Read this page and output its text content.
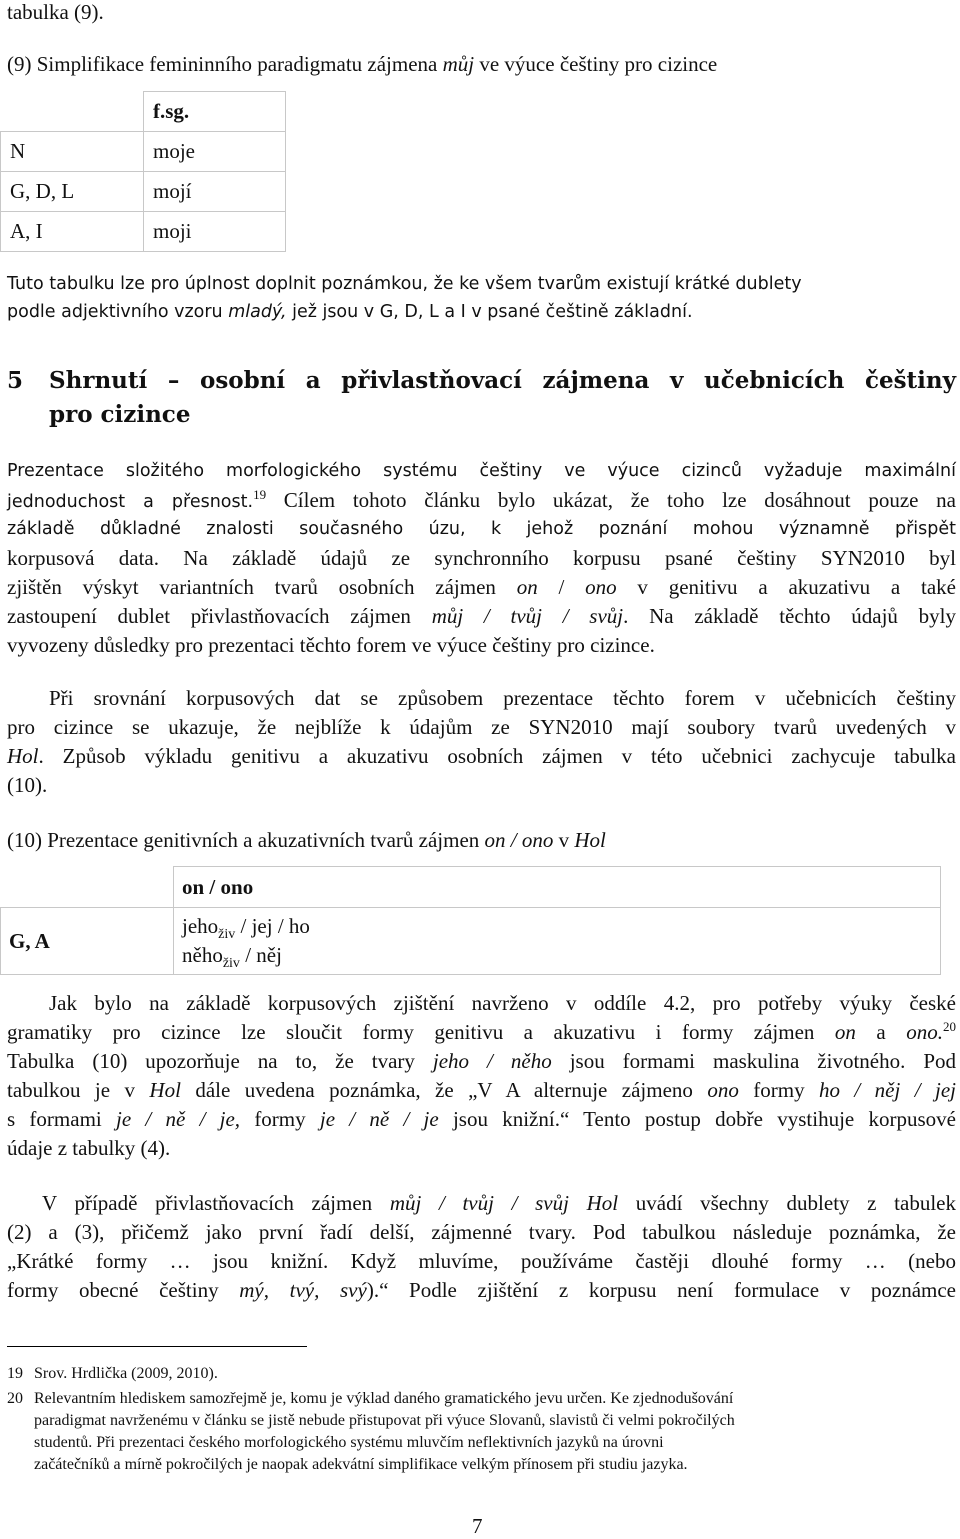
tabulka (9).
(9) Simplifikace femininního paradigmatu zájmena můj ve výuce češtiny pro cizince
	f.sg.
N	moje
G, D, L	mojí
A, I	moji
Tuto tabulku lze pro úplnost doplnit poznámkou, že ke všem tvarům existují krátké dublety
podle adjektivního vzoru mladý, jež jsou v G, D, L a I v psané češtině základní.
5 Shrnutí – osobní a přivlastňovací zájmena v učebnicích češtiny
pro cizince
Prezentace složitého morfologického systému češtiny ve výuce cizinců vyžaduje maximální
jednoduchost a přesnost.$^{19}$ Cílem tohoto článku bylo ukázat, že toho lze dosáhnout pouze na
základě důkladné znalosti současného úzu, k jehož poznání mohou významně přispět
korpusová data. Na základě údajů ze synchronního korpusu psané češtiny SYN2010 byl
zjištěn výskyt variantních tvarů osobních zájmen on / ono v genitivu a akuzativu a také
zastoupení dublet přivlastňovacích zájmen můj / tvůj / svůj. Na základě těchto údajů byly
vyvozeny důsledky pro prezentaci těchto forem ve výuce češtiny pro cizince.
Při srovnání korpusových dat se způsobem prezentace těchto forem v učebnicích češtiny
pro cizince se ukazuje, že nejblíže k údajům ze SYN2010 mají soubory tvarů uvedených v
Hol. Způsob výkladu genitivu a akuzativu osobních zájmen v této učebnici zachycuje tabulka
(10).
(10) Prezentace genitivních a akuzativních tvarů zájmen on / ono v Hol
	on / ono
G, A	jeho$_{živ}$ / jej / ho
něho$_{živ}$ / něj
Jak bylo na základě korpusových zjištění navrženo v oddíle 4.2, pro potřeby výuky české
gramatiky pro cizince lze sloučit formy genitivu a akuzativu i formy zájmen on a ono.$^{20}$
Tabulka (10) upozorňuje na to, že tvary jeho / něho jsou formami maskulina životného. Pod
tabulkou je v Hol dále uvedena poznámka, že „V A alternuje zájmeno ono formy ho / něj / jej
s formami je / ně / je, formy je / ně / je jsou knižní.“ Tento postup dobře vystihuje korpusové
údaje z tabulky (4).
V případě přivlastňovacích zájmen můj / tvůj / svůj Hol uvádí všechny dublety z tabulek
(2) a (3), přičemž jako první řadí delší, zájmenné tvary. Pod tabulkou následuje poznámka, že
„Krátké formy … jsou knižní. Když mluvíme, používáme častěji dlouhé formy … (nebo
formy obecné češtiny mý, tvý, svý).“ Podle zjištění z korpusu není formulace v poznámce
19 Srov. Hrdlička (2009, 2010).
20 Relevantním hlediskem samozřejmě je, komu je výklad daného gramatického jevu určen. Ke zjednodušování
paradigmat navrženému v článku se jistě nebude přistupovat při výuce Slovanů, slavistů či velmi pokročilých
studentů. Při prezentaci českého morfologického systému mluvčím neflektivních jazyků na úrovni
začátečníků a mírně pokročilých je naopak adekvátní simplifikace velkým přínosem při studiu jazyka.
7
